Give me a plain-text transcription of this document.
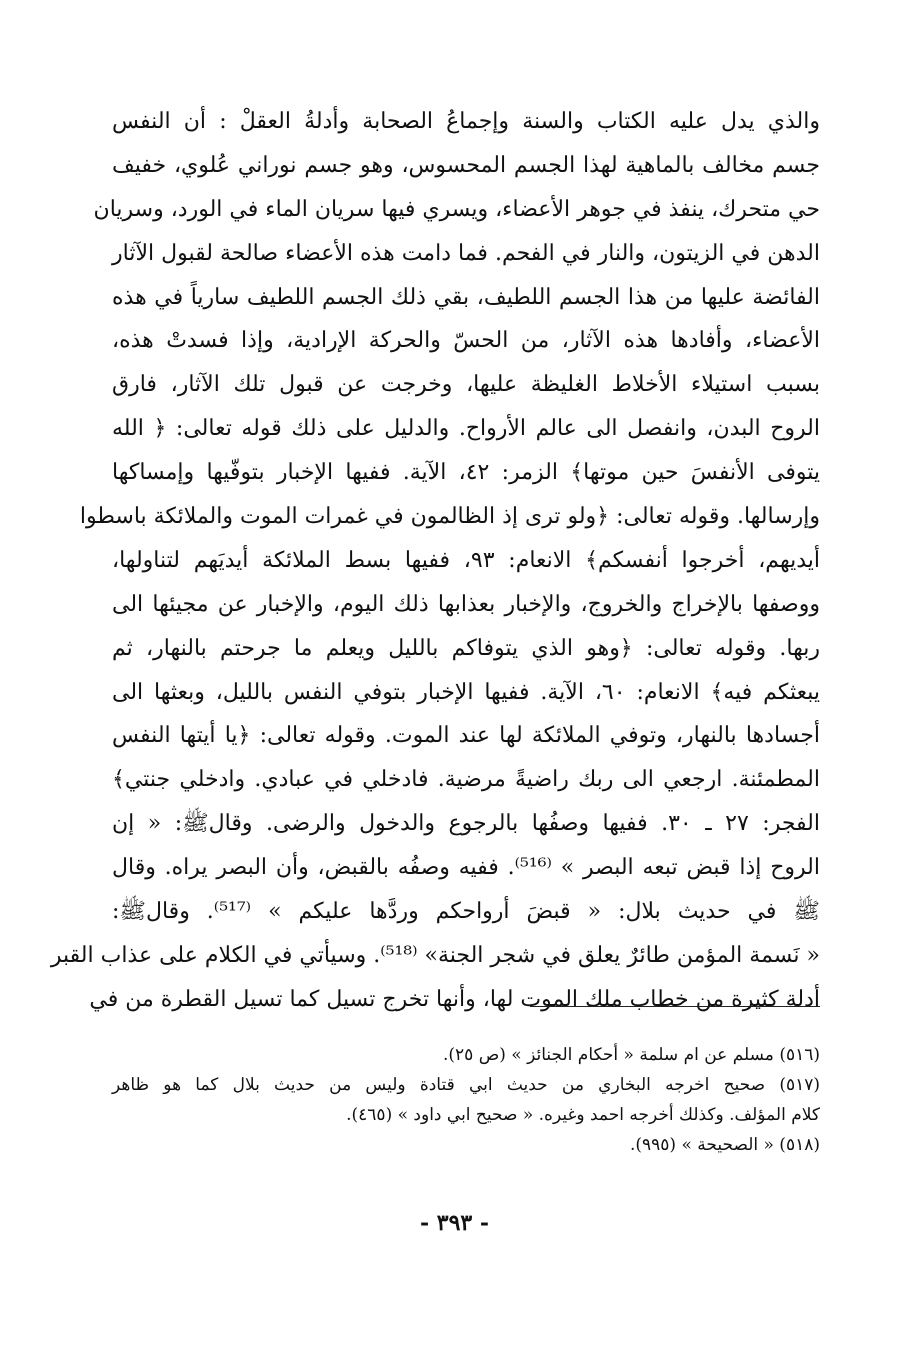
والذي يدل عليه الكتاب والسنة وإجماعُ الصحابة وأدلةُ العقلْ : أن النفس
جسم مخالف بالماهية لهذا الجسم المحسوس، وهو جسم نوراني عُلوي، خفيف
حي متحرك، ينفذ في جوهر الأعضاء، ويسري فيها سريان الماء في الورد، وسريان
الدهن في الزيتون، والنار في الفحم. فما دامت هذه الأعضاء صالحة لقبول الآثار
الفائضة عليها من هذا الجسم اللطيف، بقي ذلك الجسم اللطيف سارياً في هذه
الأعضاء، وأفادها هذه الآثار، من الحسّ والحركة الإرادية، وإذا فسدتْ هذه،
بسبب استيلاء الأخلاط الغليظة عليها، وخرجت عن قبول تلك الآثار، فارق
الروح البدن، وانفصل الى عالم الأرواح. والدليل على ذلك قوله تعالى: ﴿ الله
يتوفى الأنفسَ حين موتها﴾ الزمر: ٤٢، الآية. ففيها الإخبار بتوفّيها وإمساكها
وإرسالها. وقوله تعالى: ﴿ولو ترى إذ الظالمون في غمرات الموت والملائكة باسطوا
أيديهم، أخرجوا أنفسكم﴾ الانعام: ٩٣، ففيها بسط الملائكة أيديَهم لتناولها،
ووصفها بالإخراج والخروج، والإخبار بعذابها ذلك اليوم، والإخبار عن مجيئها الى
ربها. وقوله تعالى: ﴿وهو الذي يتوفاكم بالليل ويعلم ما جرحتم بالنهار، ثم
يبعثكم فيه﴾ الانعام: ٦٠، الآية. ففيها الإخبار بتوفي النفس بالليل، وبعثها الى
أجسادها بالنهار، وتوفي الملائكة لها عند الموت. وقوله تعالى: ﴿يا أيتها النفس
المطمئنة. ارجعي الى ربك راضيةً مرضية. فادخلي في عبادي. وادخلي جنتي﴾
الفجر: ٢٧ ـ ٣٠. ففيها وصفُها بالرجوع والدخول والرضى. وقالﷺ: « إن
الروح إذا قبض تبعه البصر » ⁽⁵¹⁶⁾. ففيه وصفُه بالقبض، وأن البصر يراه. وقال
ﷺ في حديث بلال: « قبضَ أرواحكم وردَّها عليكم » ⁽⁵¹⁷⁾. وقالﷺ:
« نَسمة المؤمن طائرٌ يعلق في شجر الجنة» ⁽⁵¹⁸⁾. وسيأتي في الكلام على عذاب القبر
أدلة كثيرة من خطاب ملك الموت لها، وأنها تخرج تسيل كما تسيل القطرة من في
(٥١٦) مسلم عن ام سلمة « أحكام الجنائز » (ص ٢٥).
(٥١٧) صحيح اخرجه البخاري من حديث ابي قتادة وليس من حديث بلال كما هو ظاهر
كلام المؤلف. وكذلك أخرجه احمد وغيره. « صحيح ابي داود » (٤٦٥).
(٥١٨) « الصحيحة » (٩٩٥).
- ٣٩٣ -
